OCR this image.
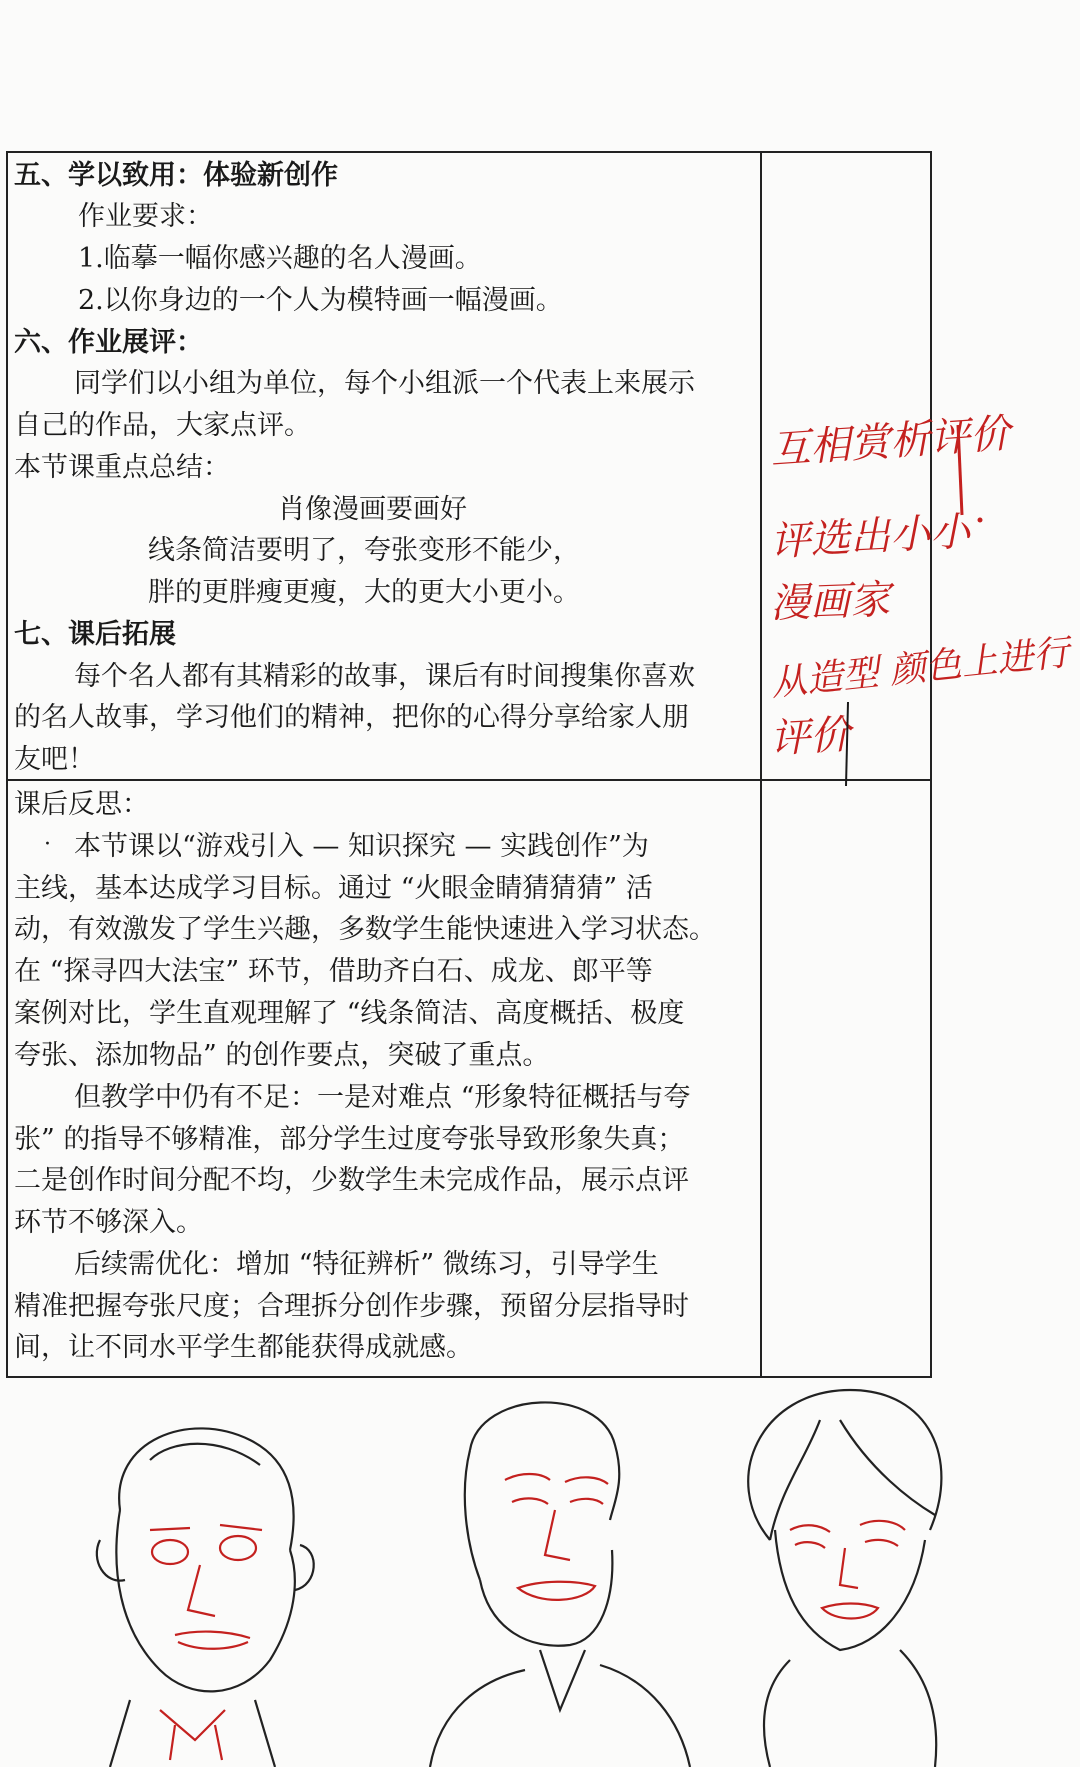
五、学以致用：体验新创作
作业要求：
1.临摹一幅你感兴趣的名人漫画。
2.以你身边的一个人为模特画一幅漫画。
六、作业展评：
同学们以小组为单位，每个小组派一个代表上来展示
自己的作品，大家点评。
本节课重点总结：
肖像漫画要画好
线条简洁要明了，夸张变形不能少，
胖的更胖瘦更瘦，大的更大小更小。
七、课后拓展
每个名人都有其精彩的故事，课后有时间搜集你喜欢
的名人故事，学习他们的精神，把你的心得分享给家人朋
友吧！
课后反思：
· 本节课以“游戏引入 — 知识探究 — 实践创作”为
主线，基本达成学习目标。通过 “火眼金睛猜猜猜” 活
动，有效激发了学生兴趣，多数学生能快速进入学习状态。
在 “探寻四大法宝” 环节，借助齐白石、成龙、郎平等
案例对比，学生直观理解了 “线条简洁、高度概括、极度
夸张、添加物品” 的创作要点，突破了重点。
但教学中仍有不足：一是对难点 “形象特征概括与夸
张” 的指导不够精准，部分学生过度夸张导致形象失真；
二是创作时间分配不均，少数学生未完成作品，展示点评
环节不够深入。
后续需优化：增加 “特征辨析” 微练习，引导学生
精准把握夸张尺度；合理拆分创作步骤，预留分层指导时
间，让不同水平学生都能获得成就感。
互相赏析评价
评选出小小
漫画家
从造型 颜色上进行
评价
